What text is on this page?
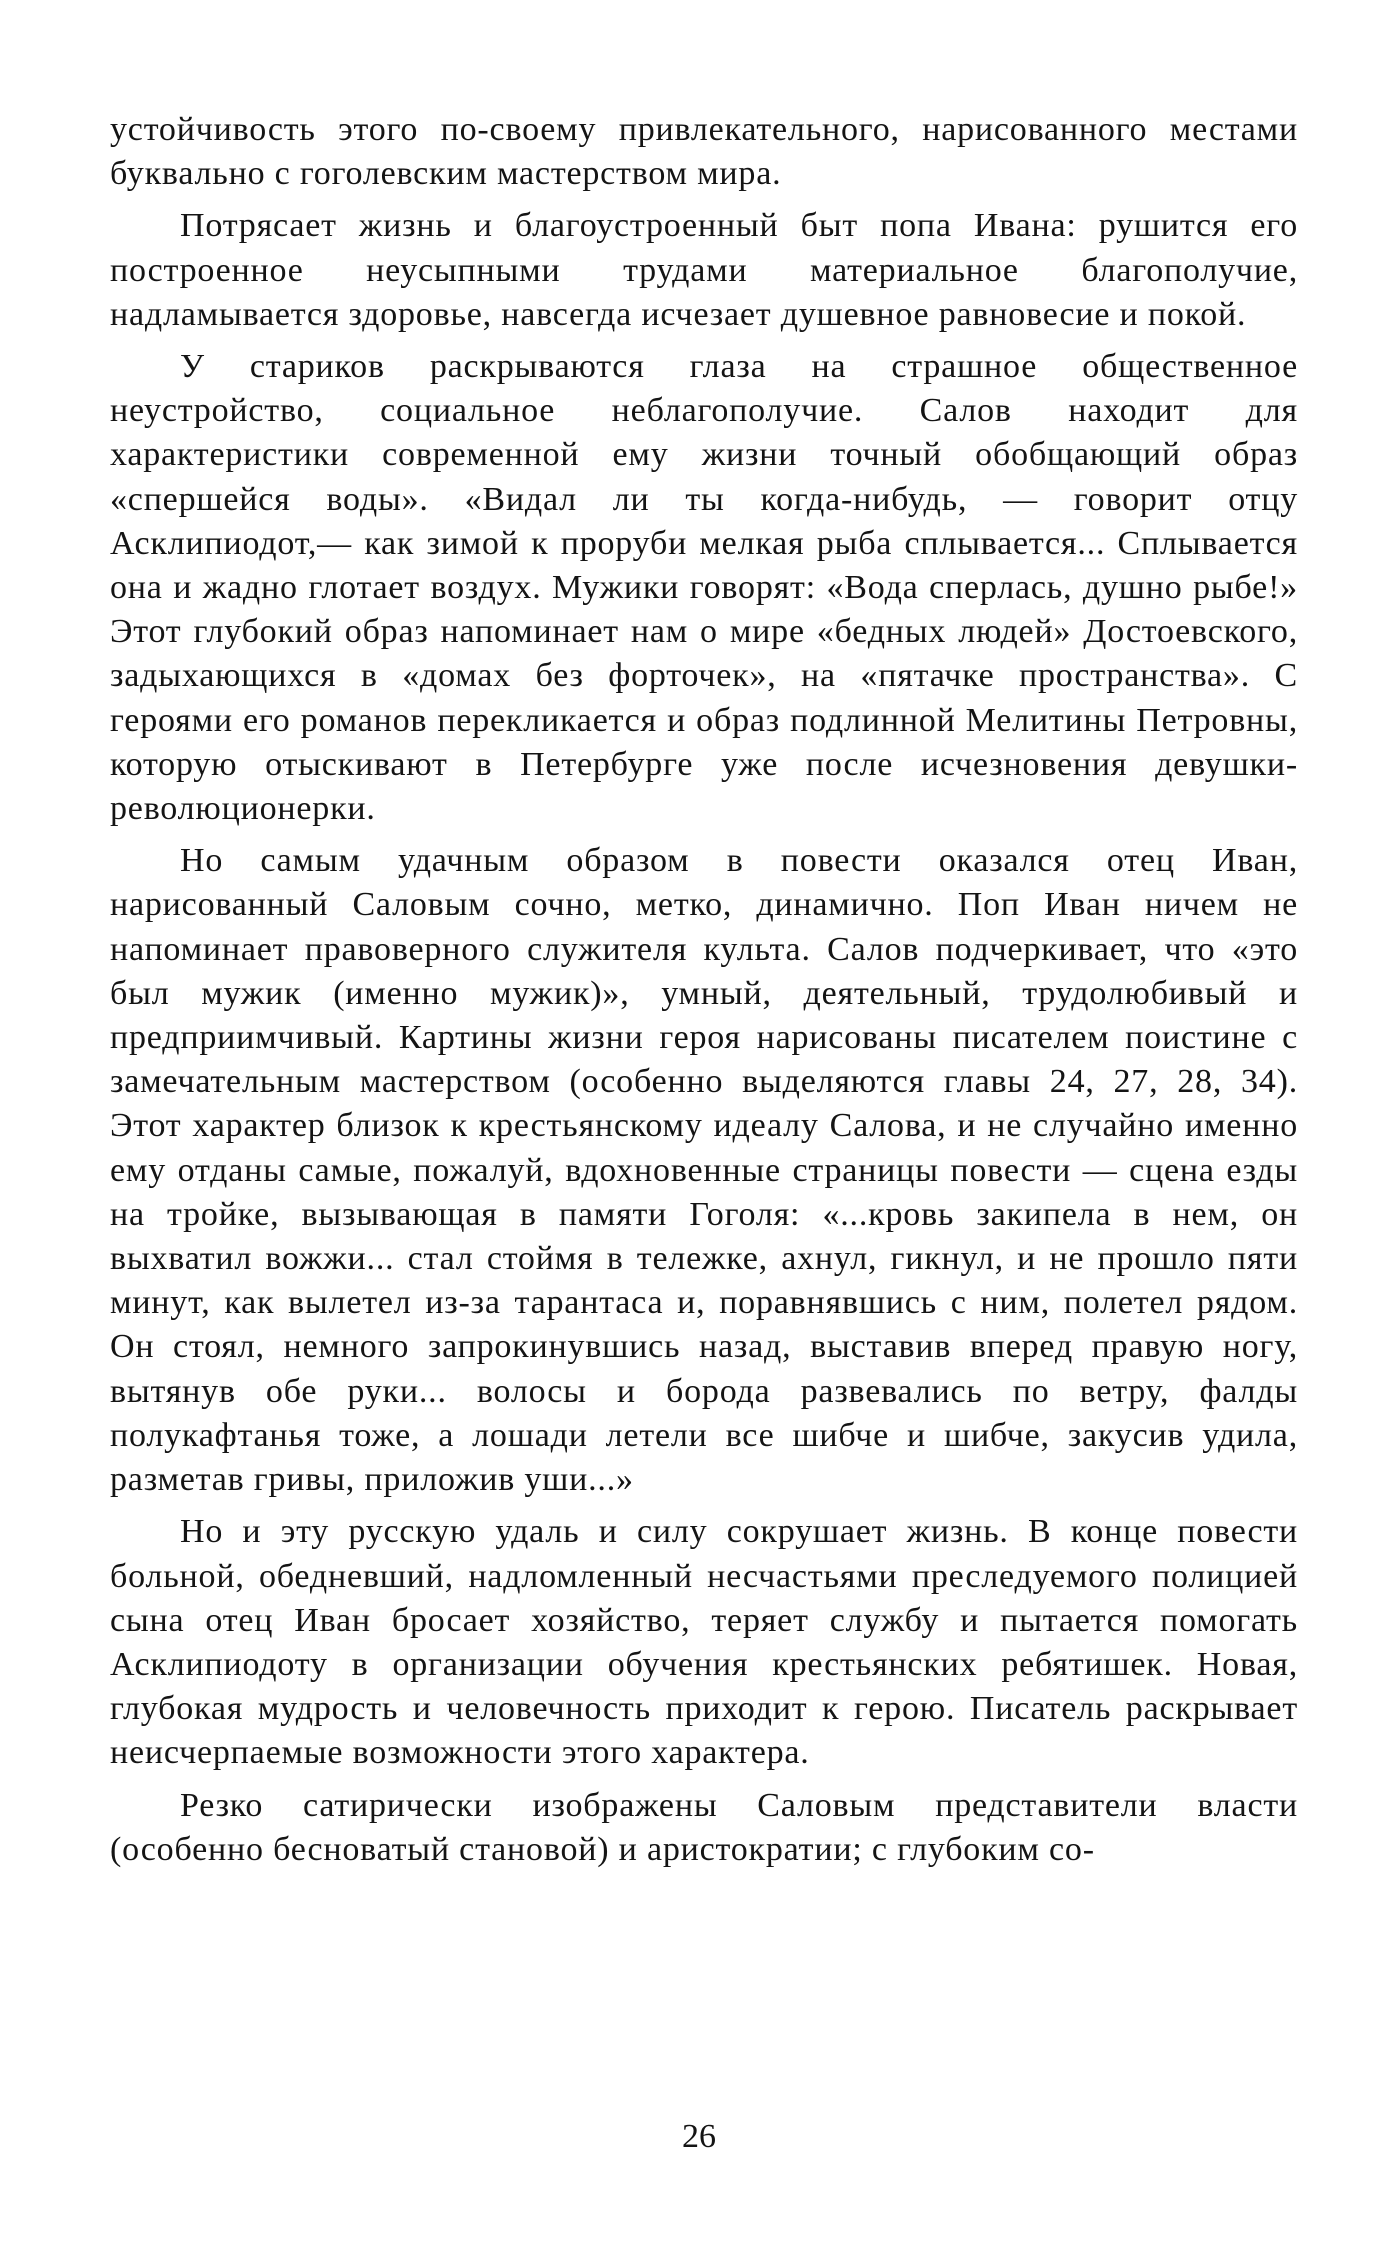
устойчивость этого по-своему привлекательного, нарисованного местами буквально с гоголевским мастерством мира.

Потрясает жизнь и благоустроенный быт попа Ивана: рушится его построенное неусыпными трудами материальное благополучие, надламывается здоровье, навсегда исчезает душевное равновесие и покой.

У стариков раскрываются глаза на страшное общественное неустройство, социальное неблагополучие. Салов находит для характеристики современной ему жизни точный обобщающий образ «спершейся воды». «Видал ли ты когда-нибудь, — говорит отцу Асклипиодот,— как зимой к проруби мелкая рыба сплывается... Сплывается она и жадно глотает воздух. Мужики говорят: «Вода сперлась, душно рыбе!» Этот глубокий образ напоминает нам о мире «бедных людей» Достоевского, задыхающихся в «домах без форточек», на «пятачке пространства». С героями его романов перекликается и образ подлинной Мелитины Петровны, которую отыскивают в Петербурге уже после исчезновения девушки-революционерки.

Но самым удачным образом в повести оказался отец Иван, нарисованный Саловым сочно, метко, динамично. Поп Иван ничем не напоминает правоверного служителя культа. Салов подчеркивает, что «это был мужик (именно мужик)», умный, деятельный, трудолюбивый и предприимчивый. Картины жизни героя нарисованы писателем поистине с замечательным мастерством (особенно выделяются главы 24, 27, 28, 34). Этот характер близок к крестьянскому идеалу Салова, и не случайно именно ему отданы самые, пожалуй, вдохновенные страницы повести — сцена езды на тройке, вызывающая в памяти Гоголя: «...кровь закипела в нем, он выхватил вожжи... стал стоймя в тележке, ахнул, гикнул, и не прошло пяти минут, как вылетел из-за тарантаса и, поравнявшись с ним, полетел рядом. Он стоял, немного запрокинувшись назад, выставив вперед правую ногу, вытянув обе руки... волосы и борода развевались по ветру, фалды полукафтанья тоже, а лошади летели все шибче и шибче, закусив удила, разметав гривы, приложив уши...»

Но и эту русскую удаль и силу сокрушает жизнь. В конце повести больной, обедневший, надломленный несчастьями преследуемого полицией сына отец Иван бросает хозяйство, теряет службу и пытается помогать Асклипиодоту в организации обучения крестьянских ребятишек. Новая, глубокая мудрость и человечность приходит к герою. Писатель раскрывает неисчерпаемые возможности этого характера.

Резко сатирически изображены Саловым представители власти (особенно бесноватый становой) и аристократии; с глубоким со-

26
